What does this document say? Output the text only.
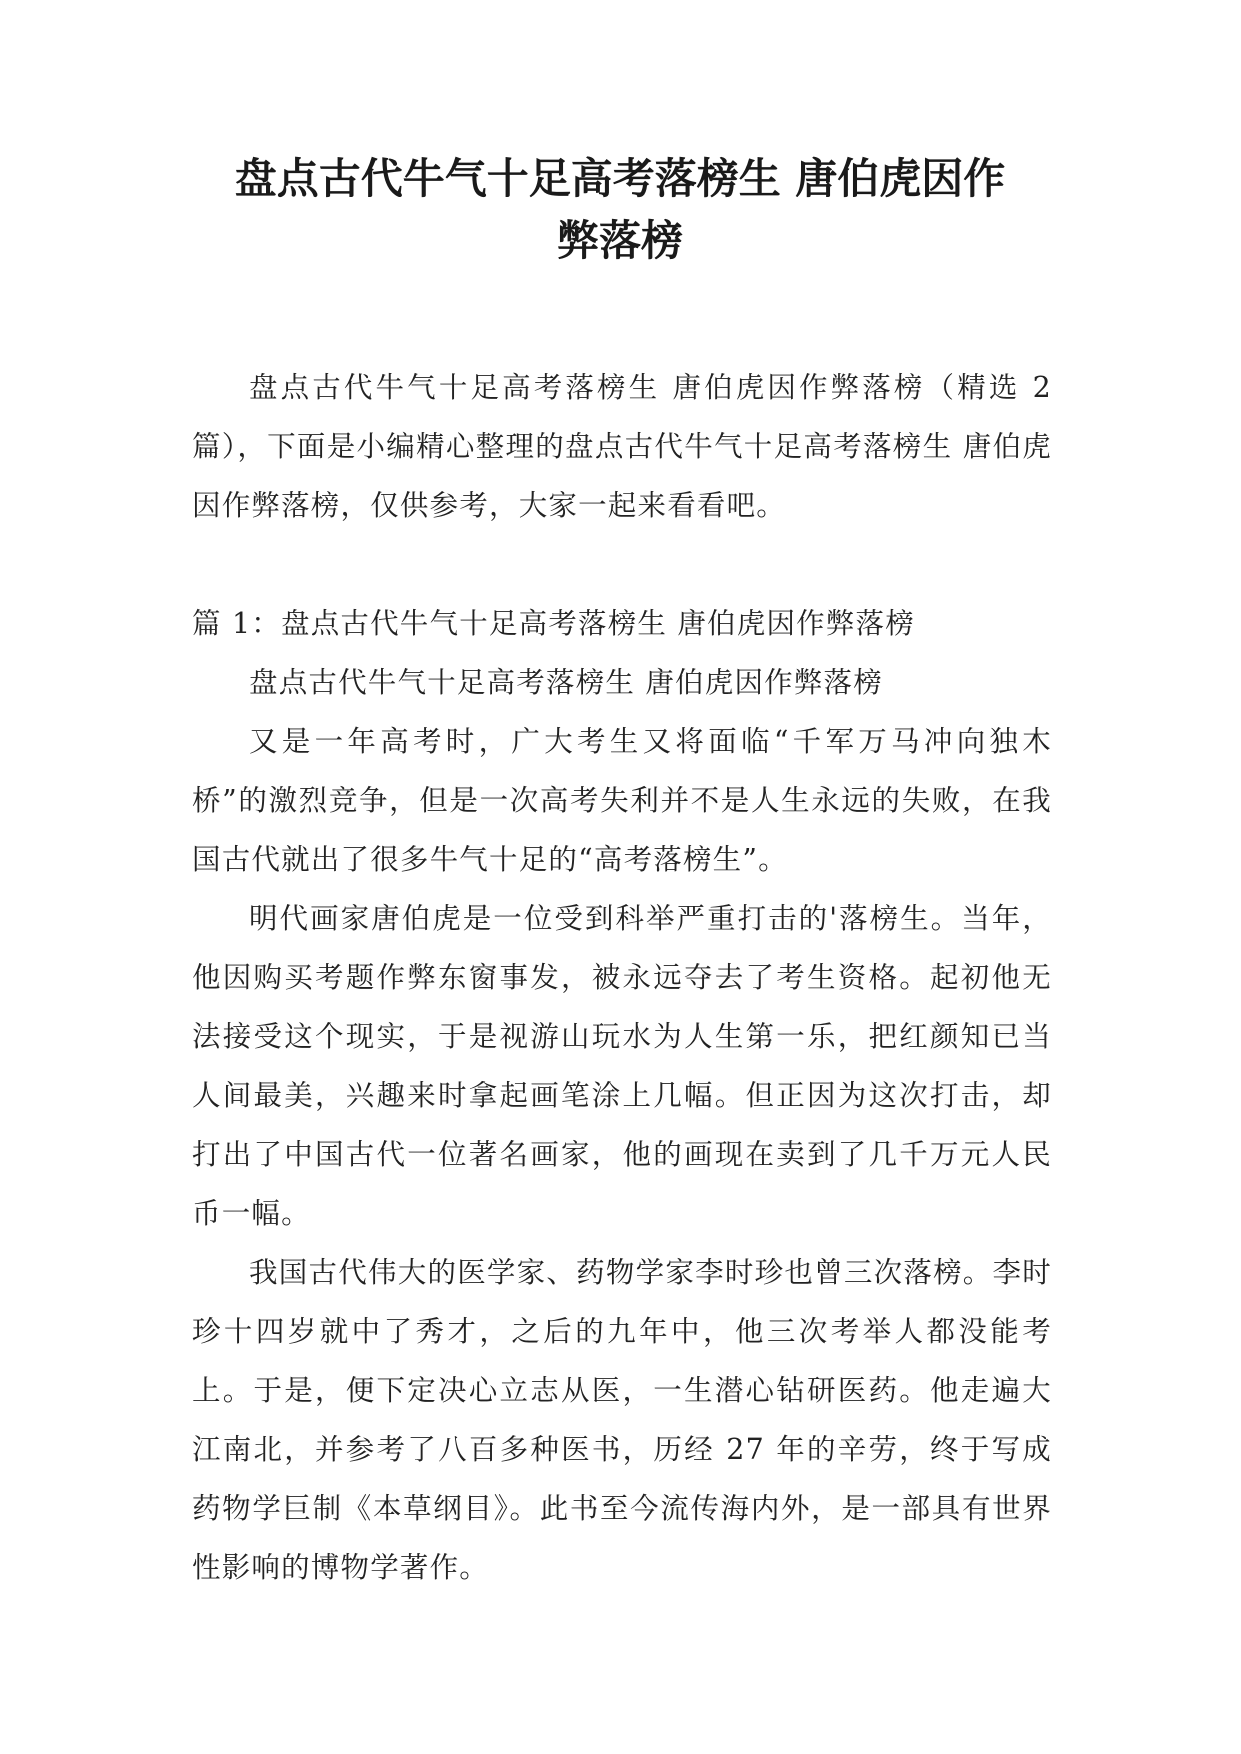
盘点古代牛气十足高考落榜生 唐伯虎因作
弊落榜

盘点古代牛气十足高考落榜生 唐伯虎因作弊落榜（精选 2 篇），下面是小编精心整理的盘点古代牛气十足高考落榜生 唐伯虎因作弊落榜，仅供参考，大家一起来看看吧。

篇 1：盘点古代牛气十足高考落榜生 唐伯虎因作弊落榜

盘点古代牛气十足高考落榜生 唐伯虎因作弊落榜

又是一年高考时，广大考生又将面临“千军万马冲向独木桥”的激烈竞争，但是一次高考失利并不是人生永远的失败，在我国古代就出了很多牛气十足的“高考落榜生”。

明代画家唐伯虎是一位受到科举严重打击的'落榜生。当年，他因购买考题作弊东窗事发，被永远夺去了考生资格。起初他无法接受这个现实，于是视游山玩水为人生第一乐，把红颜知已当人间最美，兴趣来时拿起画笔涂上几幅。但正因为这次打击，却打出了中国古代一位著名画家，他的画现在卖到了几千万元人民币一幅。

我国古代伟大的医学家、药物学家李时珍也曾三次落榜。李时珍十四岁就中了秀才，之后的九年中，他三次考举人都没能考上。于是，便下定决心立志从医，一生潜心钻研医药。他走遍大江南北，并参考了八百多种医书，历经 27 年的辛劳，终于写成药物学巨制《本草纲目》。此书至今流传海内外，是一部具有世界性影响的博物学著作。
